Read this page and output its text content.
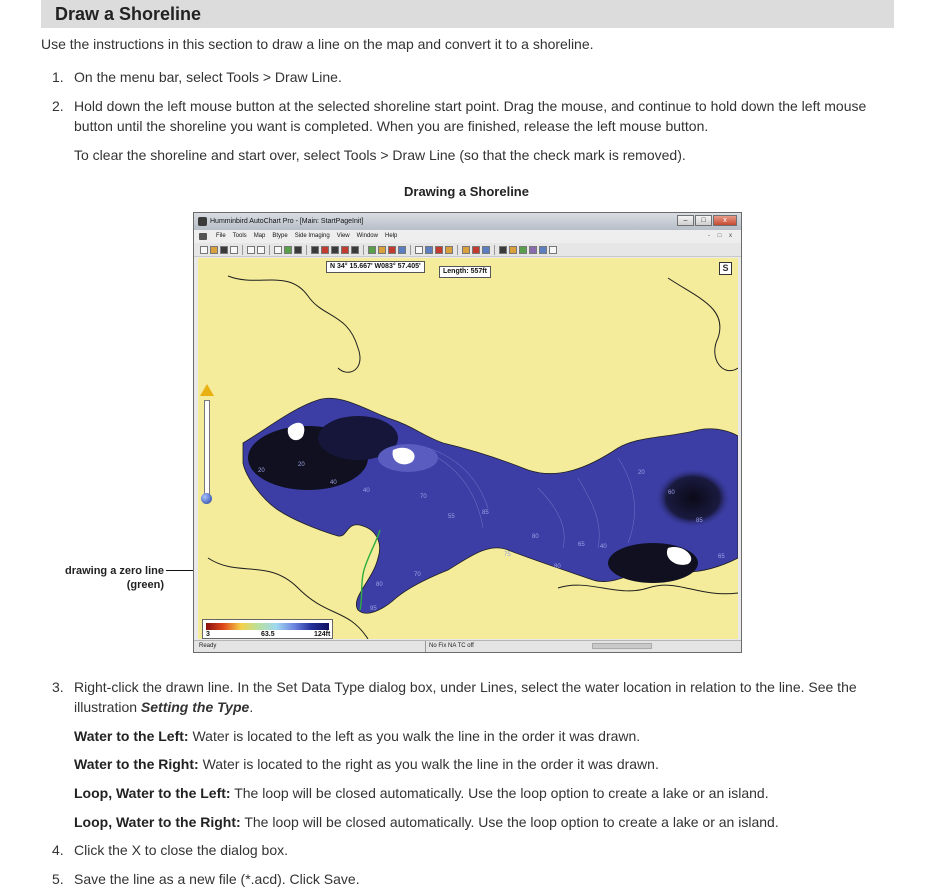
Draw a Shoreline
Use the instructions in this section to draw a line on the map and convert it to a shoreline.
1. On the menu bar, select Tools > Draw Line.
2. Hold down the left mouse button at the selected shoreline start point. Drag the mouse, and continue to hold down the left mouse button until the shoreline you want is completed. When you are finished, release the left mouse button.
To clear the shoreline and start over, select Tools > Draw Line (so that the check mark is removed).
Drawing a Shoreline
drawing a zero line
(green)
Humminbird AutoChart Pro - [Main: StartPageInit]	–	□	x
File Tools Map Btype Side Imaging View Window Help	- □ x
20
40
40
70
85
80
95
70
75
80
80
65	40
20
60
85
65
20
55
N 34° 15.667' W083° 57.405'
Length: 557ft	S
3	63.5	124ft
Ready	No Fix NA TC off
3. Right-click the drawn line. In the Set Data Type dialog box, under Lines, select the water location in relation to the line. See the illustration Setting the Type.
Water to the Left: Water is located to the left as you walk the line in the order it was drawn.
Water to the Right: Water is located to the right as you walk the line in the order it was drawn.
Loop, Water to the Left: The loop will be closed automatically. Use the loop option to create a lake or an island.
Loop, Water to the Right: The loop will be closed automatically. Use the loop option to create a lake or an island.
4. Click the X to close the dialog box.
5. Save the line as a new file (*.acd). Click Save.
